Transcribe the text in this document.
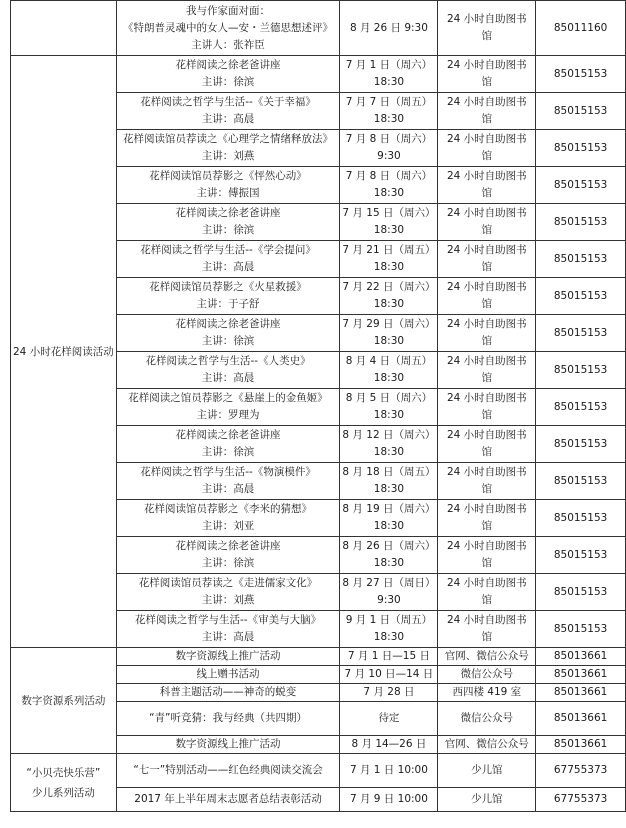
	我与作家面对面：
《特朗普灵魂中的女人—安・兰德思想述评》
主讲人：张祚臣	8 月 26 日 9:30	24 小时自助图书
馆	85011160

24 小时花样阅读活动	花样阅读之徐老爸讲座
主讲：徐滨	7 月 1 日（周六）
18:30	24 小时自助图书
馆	85015153

	花样阅读之哲学与生活--《关于幸福》
主讲：高晨	7 月 7 日（周五）
18:30	24 小时自助图书
馆	85015153

	花样阅读馆员荐读之《心理学之情绪释放法》
主讲：刘燕	7 月 8 日（周六）
9:30	24 小时自助图书
馆	85015153

	花样阅读馆员荐影之《怦然心动》
主讲：傅振国	7 月 8 日（周六）
18:30	24 小时自助图书
馆	85015153

	花样阅读之徐老爸讲座
主讲：徐滨	7 月 15 日（周六）
18:30	24 小时自助图书
馆	85015153

	花样阅读之哲学与生活--《学会提问》
主讲：高晨	7 月 21 日（周五）
18:30	24 小时自助图书
馆	85015153

	花样阅读馆员荐影之《火星救援》
主讲：于子舒	7 月 22 日（周六）
18:30	24 小时自助图书
馆	85015153

	花样阅读之徐老爸讲座
主讲：徐滨	7 月 29 日（周六）
18:30	24 小时自助图书
馆	85015153

	花样阅读之哲学与生活--《人类史》
主讲：高晨	8 月 4 日（周五）
18:30	24 小时自助图书
馆	85015153

	花样阅读之馆员荐影之《悬崖上的金鱼姬》
主讲：罗理为	8 月 5 日（周六）
18:30	24 小时自助图书
馆	85015153

	花样阅读之徐老爸讲座
主讲：徐滨	8 月 12 日（周六）
18:30	24 小时自助图书
馆	85015153

	花样阅读之哲学与生活--《物演模件》
主讲：高晨	8 月 18 日（周五）
18:30	24 小时自助图书
馆	85015153

	花样阅读馆员荐影之《李米的猜想》
主讲：刘亚	8 月 19 日（周六）
18:30	24 小时自助图书
馆	85015153

	花样阅读之徐老爸讲座
主讲：徐滨	8 月 26 日（周六）
18:30	24 小时自助图书
馆	85015153

	花样阅读馆员荐读之《走进儒家文化》
主讲：刘燕	8 月 27 日（周日）
9:30	24 小时自助图书
馆	85015153

	花样阅读之哲学与生活--《审美与大脑》
主讲：高晨	9 月 1 日（周五）
18:30	24 小时自助图书
馆	85015153

数字资源系列活动	数字资源线上推广活动	7 月 1 日—15 日	官网、微信公众号	85013661

	线上赠书活动	7 月 10 日—14 日	微信公众号	85013661

	科普主题活动——神奇的蜕变	7 月 28 日	西四楼 419 室	85013661

	“青”听竞猜：我与经典（共四期）	待定	微信公众号	85013661

	数字资源线上推广活动	8 月 14—26 日	官网、微信公众号	85013661

“小贝壳快乐营”
少儿系列活动	“七一”特别活动——红色经典阅读交流会	7 月 1 日 10:00	少儿馆	67755373

	2017 年上半年周末志愿者总结表彰活动	7 月 9 日 10:00	少儿馆	67755373
